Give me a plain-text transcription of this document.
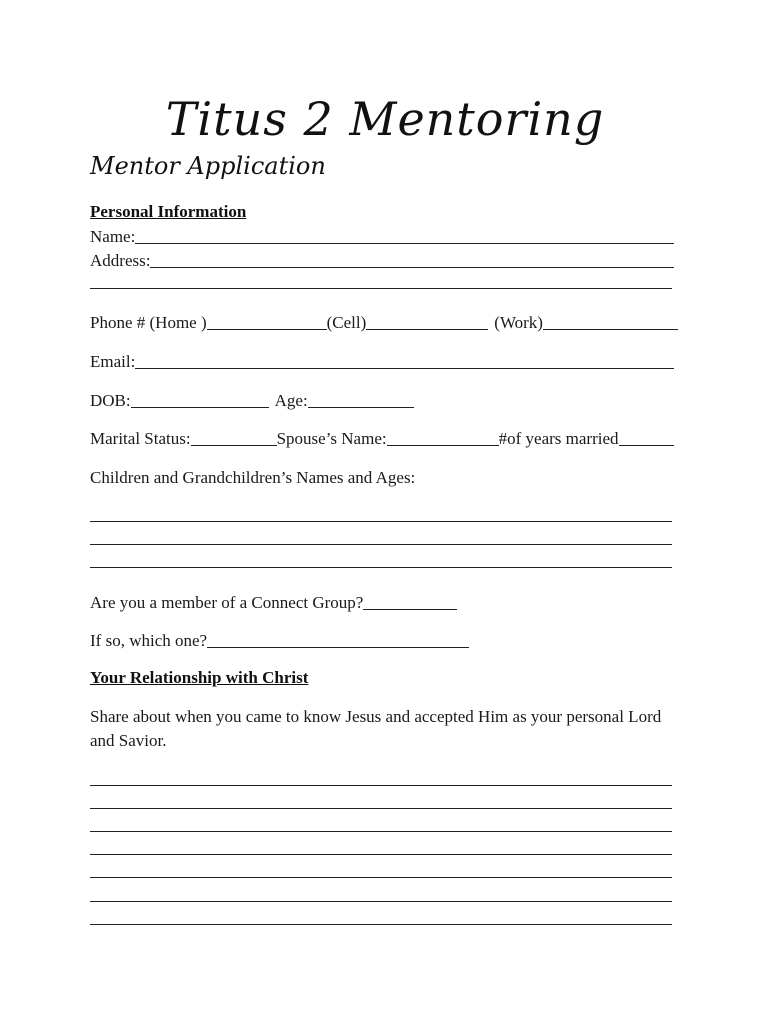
Titus 2 Mentoring
Mentor Application
Personal Information
Name:
Address:
Phone # (Home )	(Cell)	(Work)
Email:
DOB:	Age:
Marital Status:	Spouse’s Name:	#of years married
Children and Grandchildren’s Names and Ages:
Are you a member of a Connect Group?
If so, which one?
Your Relationship with Christ
Share about when you came to know Jesus and accepted Him as your personal Lord and Savior.
